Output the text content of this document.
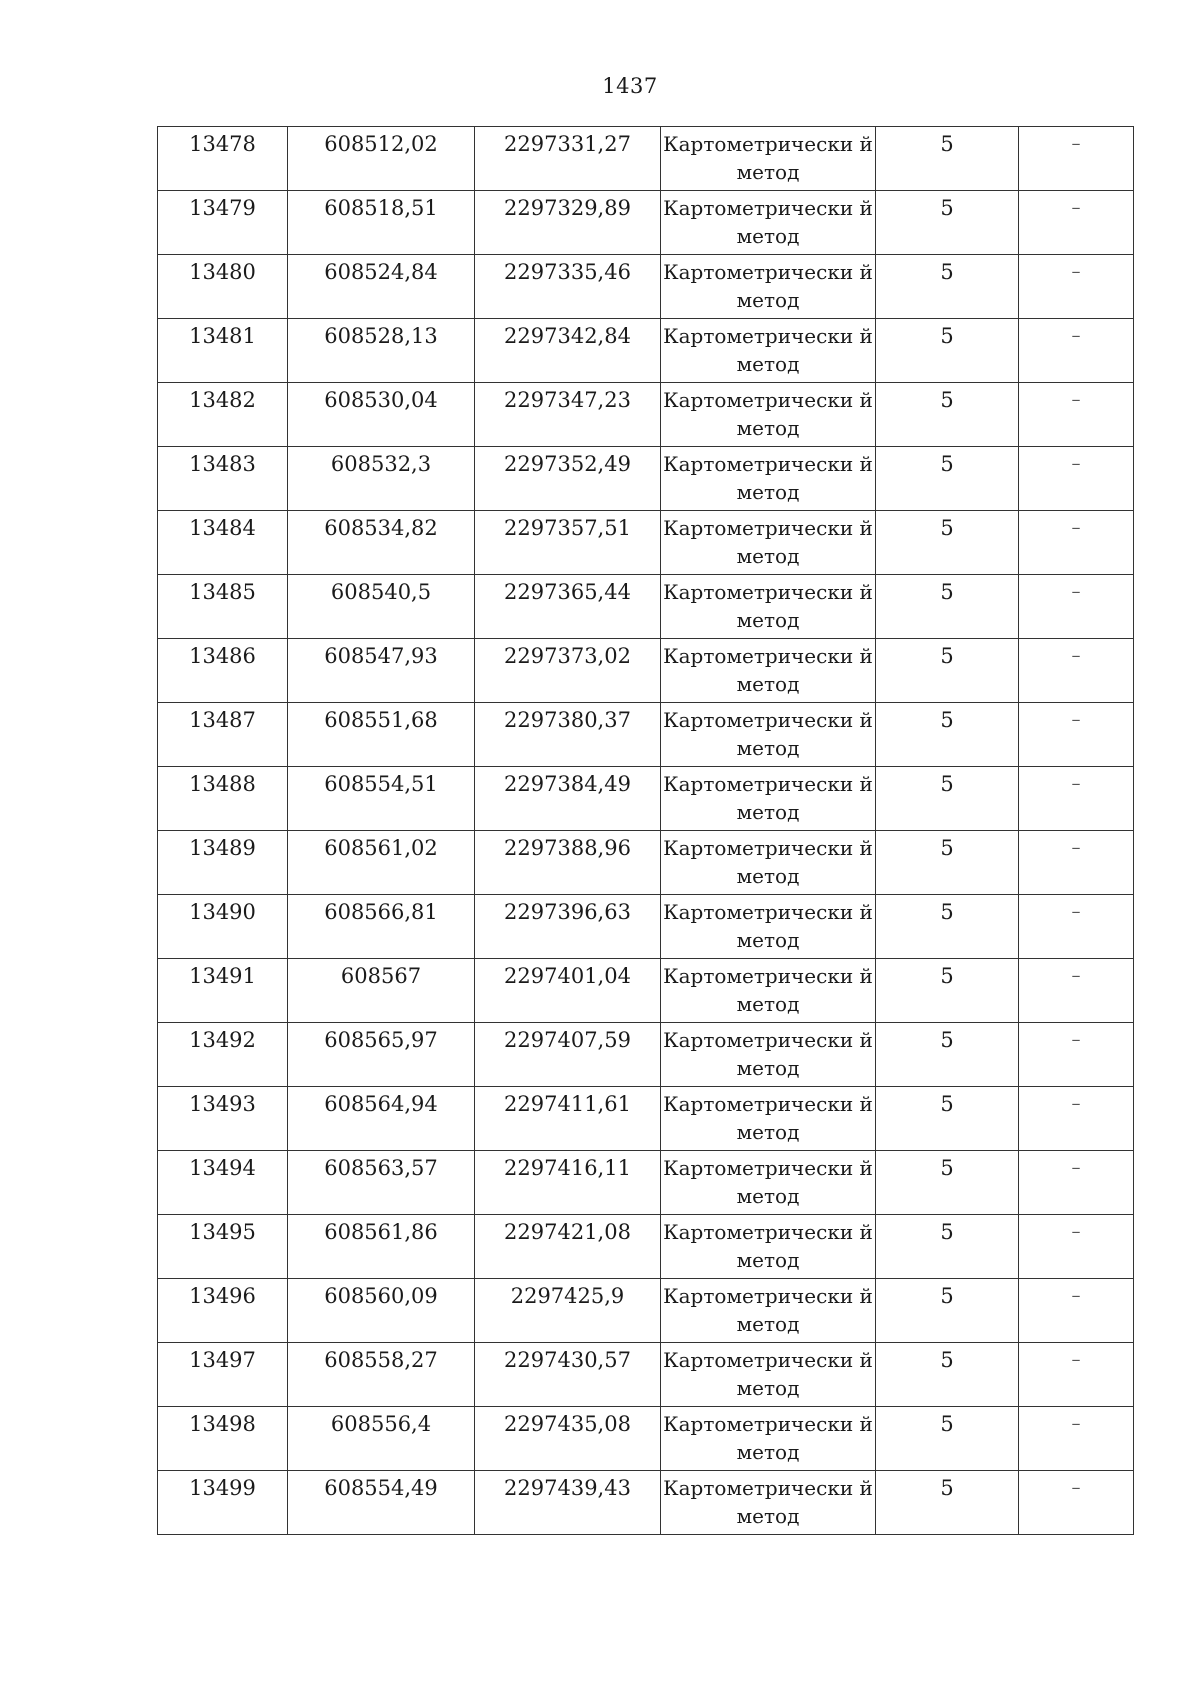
1437
13478	608512,02	2297331,27	Картометрически й метод	5	–

13479	608518,51	2297329,89	Картометрически й метод	5	–

13480	608524,84	2297335,46	Картометрически й метод	5	–

13481	608528,13	2297342,84	Картометрически й метод	5	–

13482	608530,04	2297347,23	Картометрически й метод	5	–

13483	608532,3	2297352,49	Картометрически й метод	5	–

13484	608534,82	2297357,51	Картометрически й метод	5	–

13485	608540,5	2297365,44	Картометрически й метод	5	–

13486	608547,93	2297373,02	Картометрически й метод	5	–

13487	608551,68	2297380,37	Картометрически й метод	5	–

13488	608554,51	2297384,49	Картометрически й метод	5	–

13489	608561,02	2297388,96	Картометрически й метод	5	–

13490	608566,81	2297396,63	Картометрически й метод	5	–

13491	608567	2297401,04	Картометрически й метод	5	–

13492	608565,97	2297407,59	Картометрически й метод	5	–

13493	608564,94	2297411,61	Картометрически й метод	5	–

13494	608563,57	2297416,11	Картометрически й метод	5	–

13495	608561,86	2297421,08	Картометрически й метод	5	–

13496	608560,09	2297425,9	Картометрически й метод	5	–

13497	608558,27	2297430,57	Картометрически й метод	5	–

13498	608556,4	2297435,08	Картометрически й метод	5	–

13499	608554,49	2297439,43	Картометрически й метод	5	–
